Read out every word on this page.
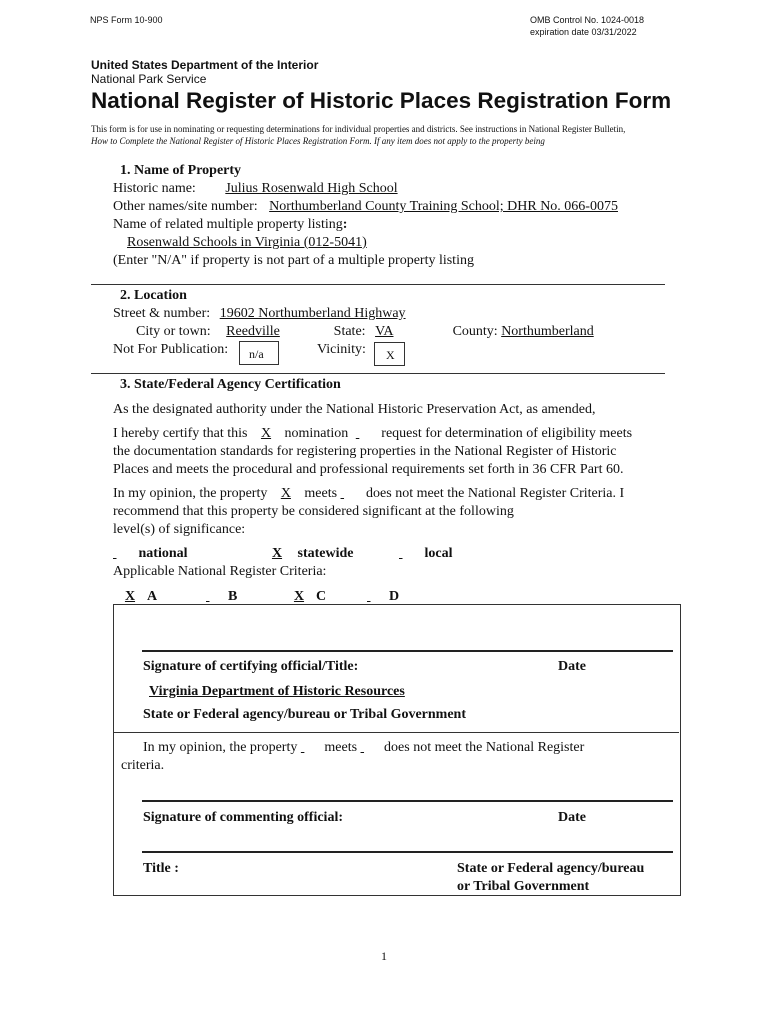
NPS Form 10-900	OMB Control No. 1024-0018
expiration date 03/31/2022
United States Department of the Interior
National Park Service
National Register of Historic Places Registration Form
This form is for use in nominating or requesting determinations for individual properties and districts. See instructions in National Register Bulletin,
How to Complete the National Register of Historic Places Registration Form. If any item does not apply to the property being
1. Name of Property
Historic name: Julius Rosenwald High School
Other names/site number: Northumberland County Training School; DHR No. 066-0075
Name of related multiple property listing:
Rosenwald Schools in Virginia (012-5041)
(Enter "N/A" if property is not part of a multiple property listing
2. Location
Street & number: 19602 Northumberland Highway
City or town: Reedville	State: VA	County: Northumberland
Not For Publication:	n/a	Vicinity:	X
3. State/Federal Agency Certification
As the designated authority under the National Historic Preservation Act, as amended,
I hereby certify that this X nomination request for determination of eligibility meets
the documentation standards for registering properties in the National Register of Historic
Places and meets the procedural and professional requirements set forth in 36 CFR Part 60.
In my opinion, the property X meets does not meet the National Register Criteria. I
recommend that this property be considered significant at the following
level(s) of significance:
national	X statewide	local
Applicable National Register Criteria:
X A	B	X C	D
Signature of certifying official/Title:	Date
Virginia Department of Historic Resources
State or Federal agency/bureau or Tribal Government
In my opinion, the property meets does not meet the National Register
criteria.
Signature of commenting official:	Date
Title :	State or Federal agency/bureau
or Tribal Government
1
